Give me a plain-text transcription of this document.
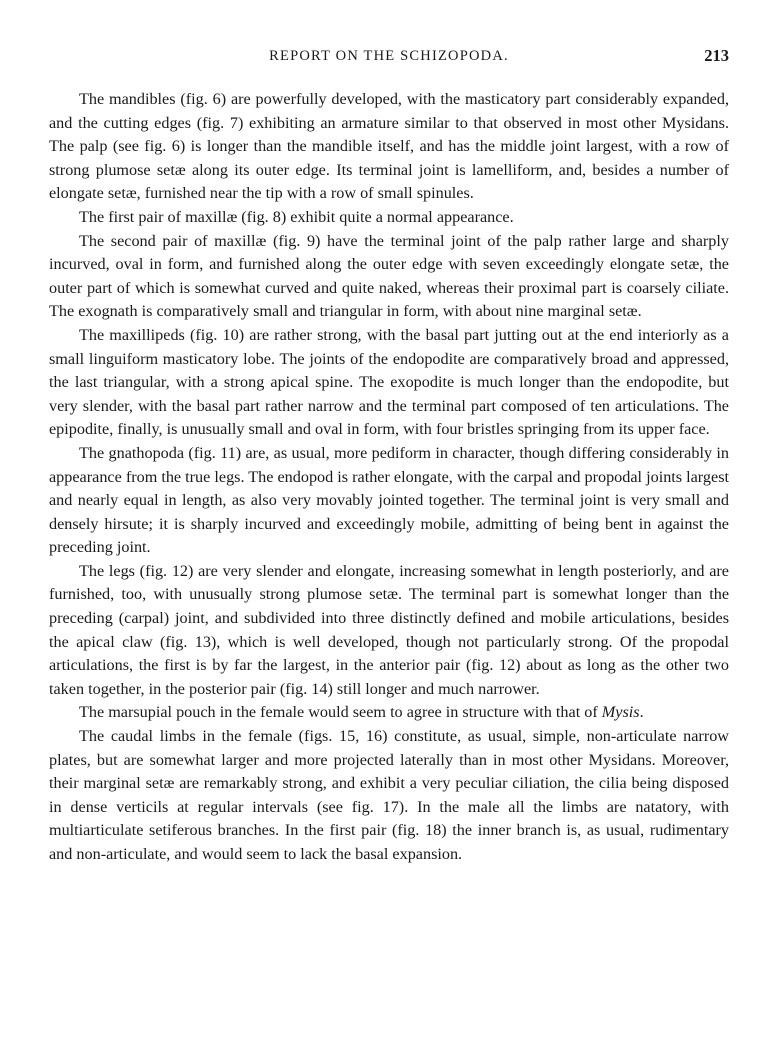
REPORT ON THE SCHIZOPODA.	213

The mandibles (fig. 6) are powerfully developed, with the masticatory part considerably expanded, and the cutting edges (fig. 7) exhibiting an armature similar to that observed in most other Mysidans. The palp (see fig. 6) is longer than the mandible itself, and has the middle joint largest, with a row of strong plumose setæ along its outer edge. Its terminal joint is lamelliform, and, besides a number of elongate setæ, furnished near the tip with a row of small spinules.

The first pair of maxillæ (fig. 8) exhibit quite a normal appearance.

The second pair of maxillæ (fig. 9) have the terminal joint of the palp rather large and sharply incurved, oval in form, and furnished along the outer edge with seven exceedingly elongate setæ, the outer part of which is somewhat curved and quite naked, whereas their proximal part is coarsely ciliate. The exognath is comparatively small and triangular in form, with about nine marginal setæ.

The maxillipeds (fig. 10) are rather strong, with the basal part jutting out at the end interiorly as a small linguiform masticatory lobe. The joints of the endopodite are comparatively broad and appressed, the last triangular, with a strong apical spine. The exopodite is much longer than the endopodite, but very slender, with the basal part rather narrow and the terminal part composed of ten articulations. The epipodite, finally, is unusually small and oval in form, with four bristles springing from its upper face.

The gnathopoda (fig. 11) are, as usual, more pediform in character, though differing considerably in appearance from the true legs. The endopod is rather elongate, with the carpal and propodal joints largest and nearly equal in length, as also very movably jointed together. The terminal joint is very small and densely hirsute; it is sharply incurved and exceedingly mobile, admitting of being bent in against the preceding joint.

The legs (fig. 12) are very slender and elongate, increasing somewhat in length posteriorly, and are furnished, too, with unusually strong plumose setæ. The terminal part is somewhat longer than the preceding (carpal) joint, and subdivided into three distinctly defined and mobile articulations, besides the apical claw (fig. 13), which is well developed, though not particularly strong. Of the propodal articulations, the first is by far the largest, in the anterior pair (fig. 12) about as long as the other two taken together, in the posterior pair (fig. 14) still longer and much narrower.

The marsupial pouch in the female would seem to agree in structure with that of Mysis.

The caudal limbs in the female (figs. 15, 16) constitute, as usual, simple, non-articulate narrow plates, but are somewhat larger and more projected laterally than in most other Mysidans. Moreover, their marginal setæ are remarkably strong, and exhibit a very peculiar ciliation, the cilia being disposed in dense verticils at regular intervals (see fig. 17). In the male all the limbs are natatory, with multiarticulate setiferous branches. In the first pair (fig. 18) the inner branch is, as usual, rudimentary and non-articulate, and would seem to lack the basal expansion.
